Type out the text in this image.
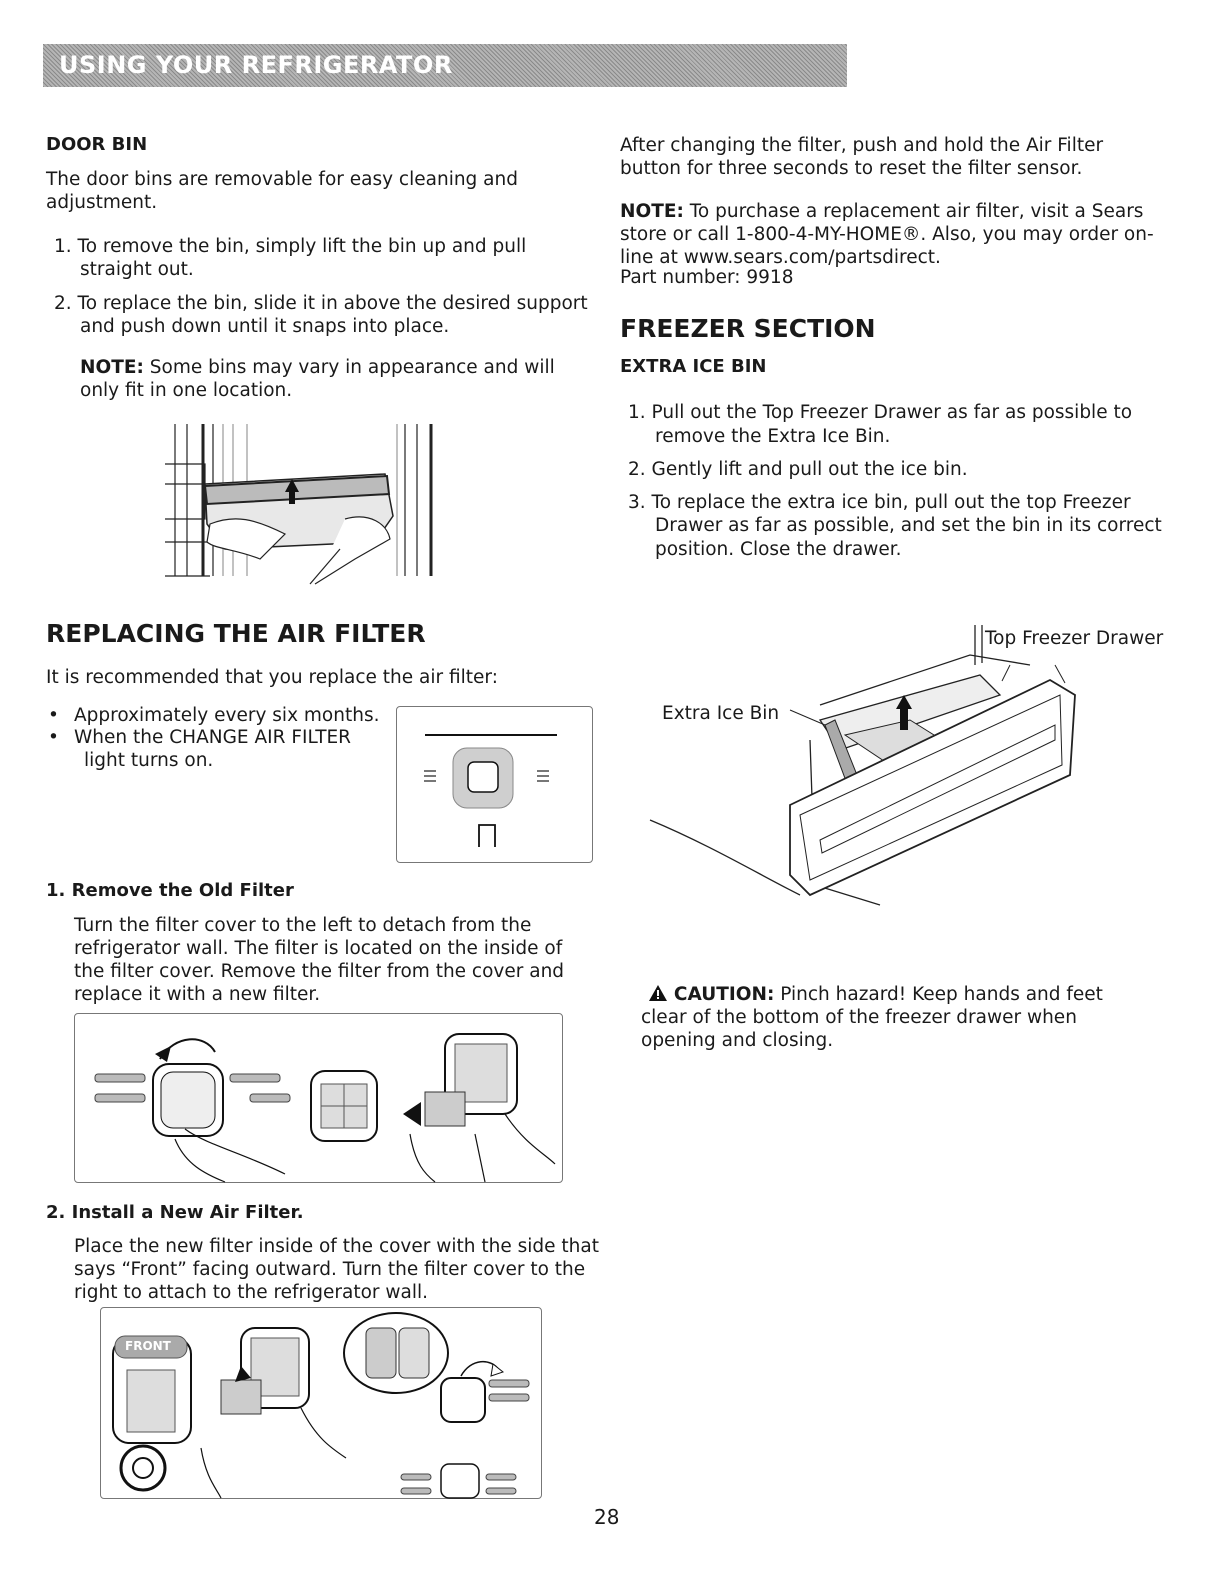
USING YOUR REFRIGERATOR
DOOR BIN
The door bins are removable for easy cleaning and
adjustment.
1. To remove the bin, simply lift the bin up and pull
straight out.
2. To replace the bin, slide it in above the desired support
and push down until it snaps into place.
NOTE: Some bins may vary in appearance and will
only fit in one location.
REPLACING THE AIR FILTER
It is recommended that you replace the air filter:
• Approximately every six months.
• When the CHANGE AIR FILTER
light turns on.
1. Remove the Old Filter
Turn the filter cover to the left to detach from the
refrigerator wall. The filter is located on the inside of
the filter cover. Remove the filter from the cover and
replace it with a new filter.
2. Install a New Air Filter.
Place the new filter inside of the cover with the side that
says “Front” facing outward. Turn the filter cover to the
right to attach to the refrigerator wall.
FRONT
After changing the filter, push and hold the Air Filter
button for three seconds to reset the filter sensor.
NOTE: To purchase a replacement air filter, visit a Sears
store or call 1-800-4-MY-HOME®. Also, you may order on-
line at www.sears.com/partsdirect.
Part number: 9918
FREEZER SECTION
EXTRA ICE BIN
1. Pull out the Top Freezer Drawer as far as possible to
remove the Extra Ice Bin.
2. Gently lift and pull out the ice bin.
3. To replace the extra ice bin, pull out the top Freezer
Drawer as far as possible, and set the bin in its correct
position. Close the drawer.
Top Freezer Drawer
Extra Ice Bin
CAUTION: Pinch hazard! Keep hands and feet
clear of the bottom of the freezer drawer when
opening and closing.
28
